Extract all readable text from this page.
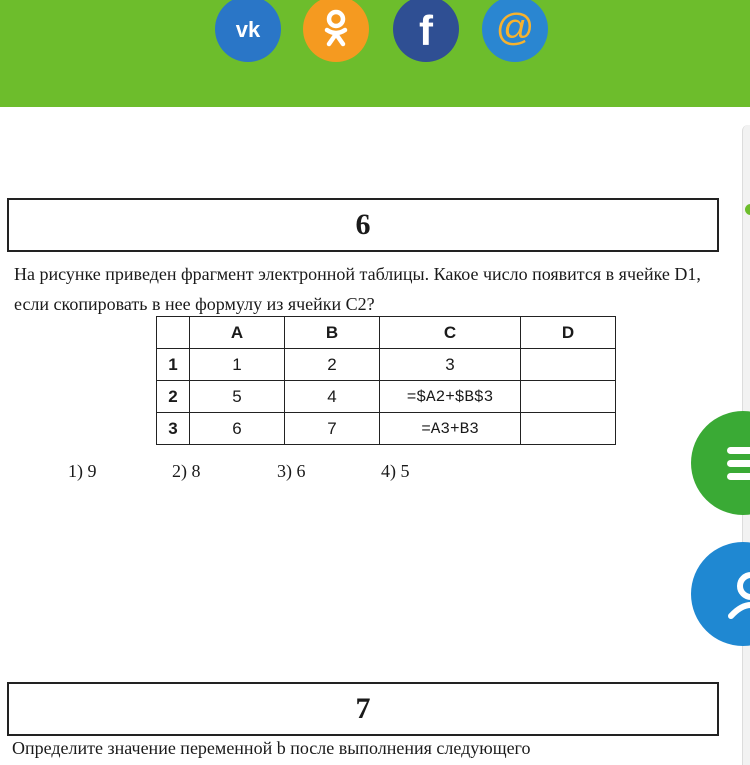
vk	f @
6
На рисунке приведен фрагмент электронной таблицы. Какое число появится в ячейке D1, если скопировать в нее формулу из ячейки C2?
	A	B	C	D
1	1	2	3	
2	5	4	=$A2+$B$3	
3	6	7	=A3+B3	
1) 9	2) 8	3) 6	4) 5
7
Определите значение переменной b после выполнения следующего
